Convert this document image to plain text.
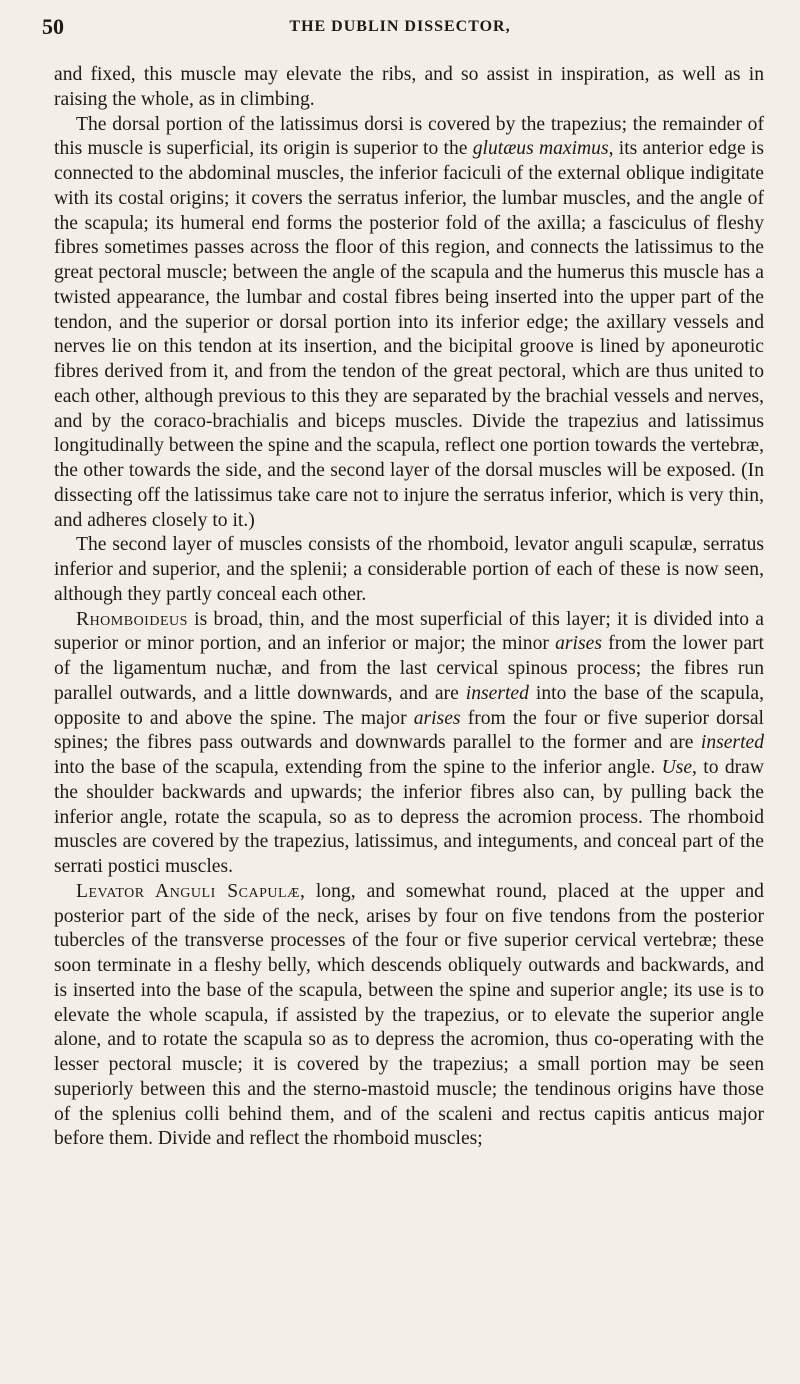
50	THE DUBLIN DISSECTOR,

and fixed, this muscle may elevate the ribs, and so assist in inspiration, as well as in raising the whole, as in climbing.

The dorsal portion of the latissimus dorsi is covered by the trapezius; the remainder of this muscle is superficial, its origin is superior to the glutæus maximus, its anterior edge is connected to the abdominal muscles, the inferior faciculi of the external oblique indigitate with its costal origins; it covers the serratus inferior, the lumbar muscles, and the angle of the scapula; its humeral end forms the posterior fold of the axilla; a fasciculus of fleshy fibres sometimes passes across the floor of this region, and connects the latissimus to the great pectoral muscle; between the angle of the scapula and the humerus this muscle has a twisted appearance, the lumbar and costal fibres being inserted into the upper part of the tendon, and the superior or dorsal portion into its inferior edge; the axillary vessels and nerves lie on this tendon at its insertion, and the bicipital groove is lined by aponeurotic fibres derived from it, and from the tendon of the great pectoral, which are thus united to each other, although previous to this they are separated by the brachial vessels and nerves, and by the coraco-brachialis and biceps muscles. Divide the trapezius and latissimus longitudinally between the spine and the scapula, reflect one portion towards the vertebræ, the other towards the side, and the second layer of the dorsal muscles will be exposed. (In dissecting off the latissimus take care not to injure the serratus inferior, which is very thin, and adheres closely to it.)

The second layer of muscles consists of the rhomboid, levator anguli scapulæ, serratus inferior and superior, and the splenii; a considerable portion of each of these is now seen, although they partly conceal each other.

Rhomboideus is broad, thin, and the most superficial of this layer; it is divided into a superior or minor portion, and an inferior or major; the minor arises from the lower part of the ligamentum nuchæ, and from the last cervical spinous process; the fibres run parallel outwards, and a little downwards, and are inserted into the base of the scapula, opposite to and above the spine. The major arises from the four or five superior dorsal spines; the fibres pass outwards and downwards parallel to the former and are inserted into the base of the scapula, extending from the spine to the inferior angle. Use, to draw the shoulder backwards and upwards; the inferior fibres also can, by pulling back the inferior angle, rotate the scapula, so as to depress the acromion process. The rhomboid muscles are covered by the trapezius, latissimus, and integuments, and conceal part of the serrati postici muscles.

Levator Anguli Scapulæ, long, and somewhat round, placed at the upper and posterior part of the side of the neck, arises by four on five tendons from the posterior tubercles of the transverse processes of the four or five superior cervical vertebræ; these soon terminate in a fleshy belly, which descends obliquely outwards and backwards, and is inserted into the base of the scapula, between the spine and superior angle; its use is to elevate the whole scapula, if assisted by the trapezius, or to elevate the superior angle alone, and to rotate the scapula so as to depress the acromion, thus co-operating with the lesser pectoral muscle; it is covered by the trapezius; a small portion may be seen superiorly between this and the sterno-mastoid muscle; the tendinous origins have those of the splenius colli behind them, and of the scaleni and rectus capitis anticus major before them. Divide and reflect the rhomboid muscles;
